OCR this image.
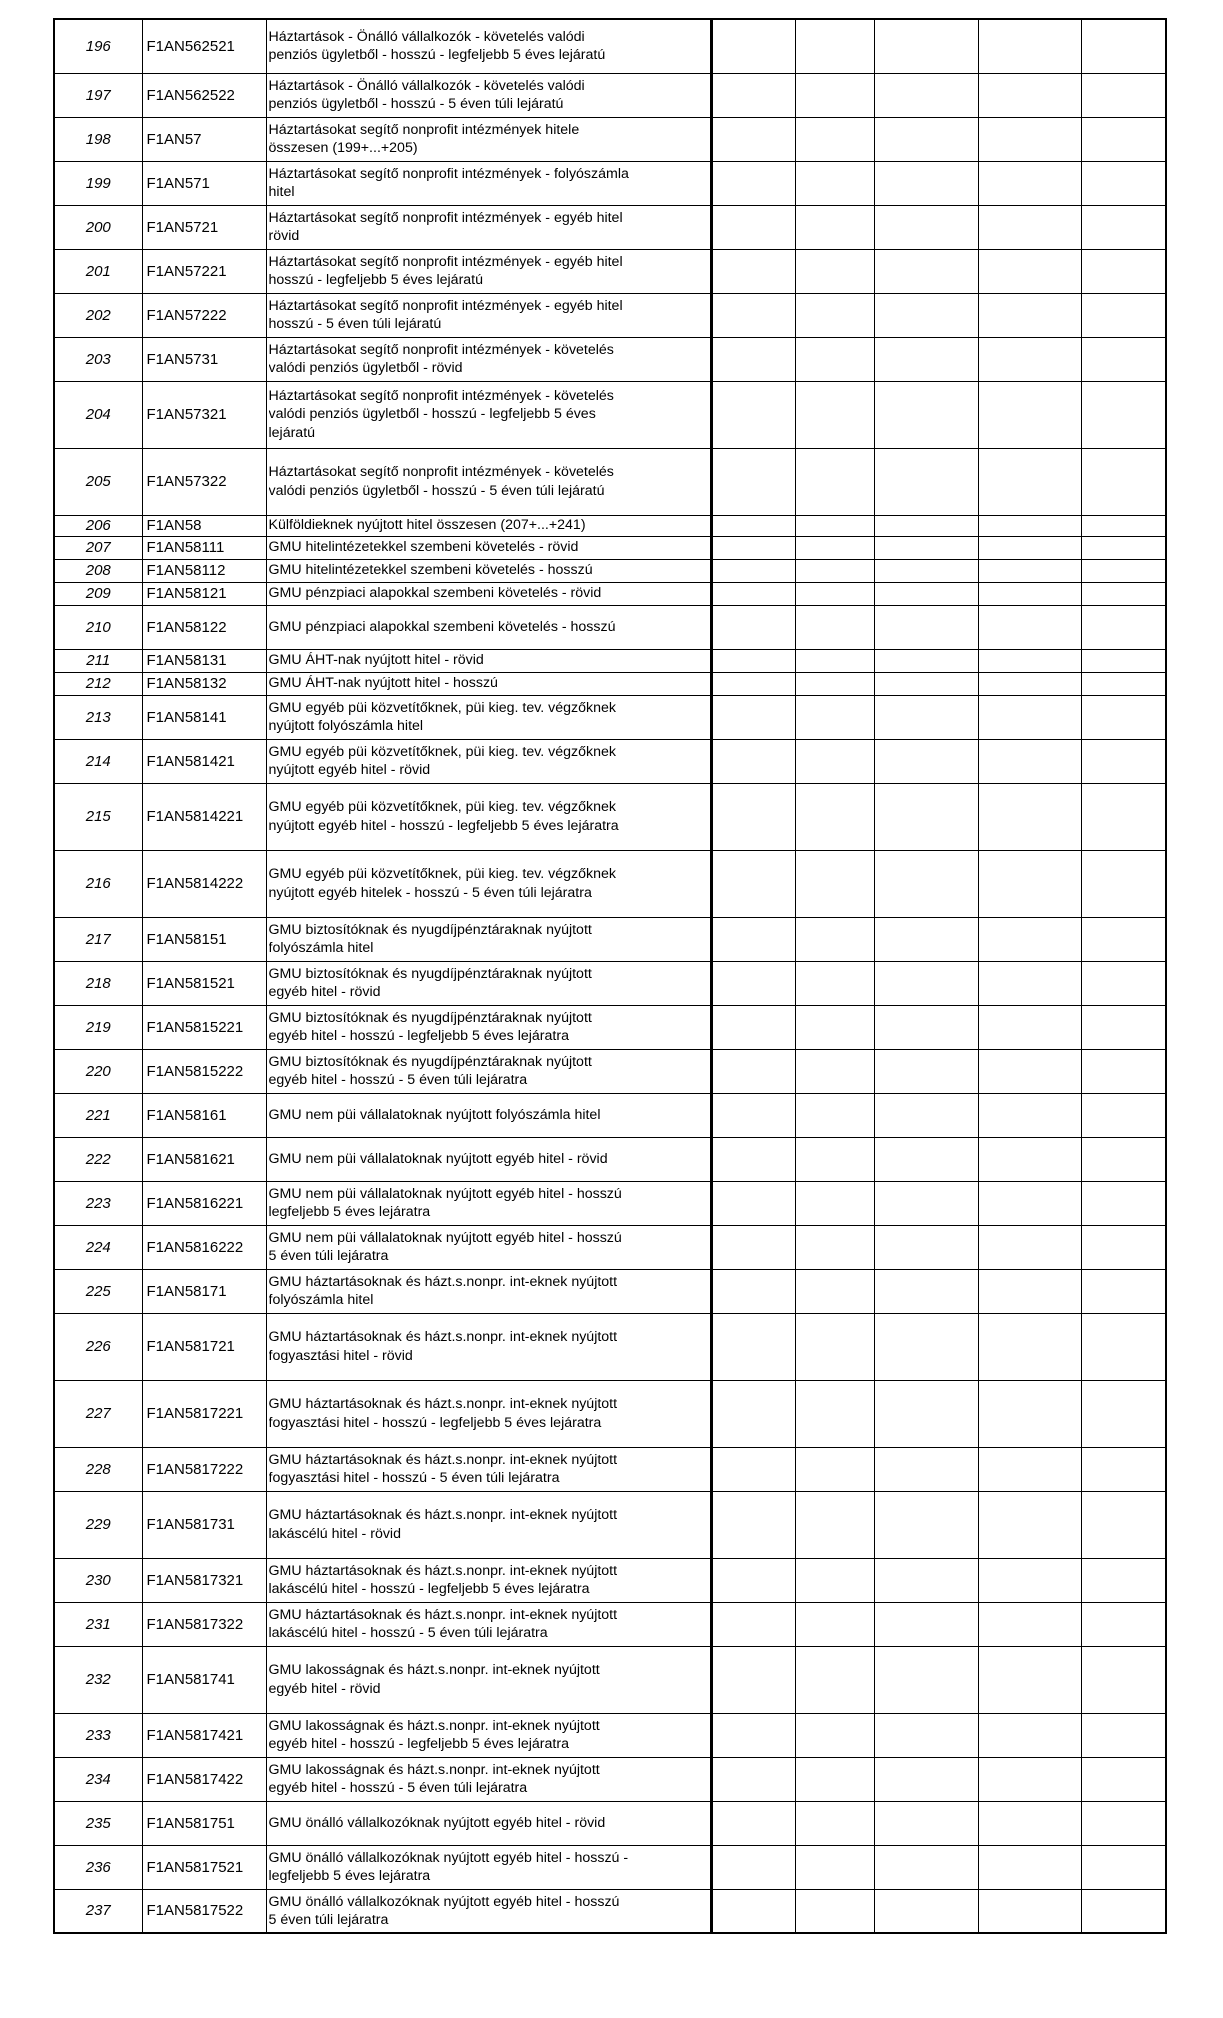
196	F1AN562521	Háztartások - Önálló vállalkozók - követelés valódi
penziós ügyletből - hosszú - legfeljebb 5 éves lejáratú					

197	F1AN562522	Háztartások - Önálló vállalkozók - követelés valódi
penziós ügyletből - hosszú - 5 éven túli lejáratú					

198	F1AN57	Háztartásokat segítő nonprofit intézmények hitele
összesen (199+...+205)					

199	F1AN571	Háztartásokat segítő nonprofit intézmények - folyószámla
hitel					

200	F1AN5721	Háztartásokat segítő nonprofit intézmények - egyéb hitel
rövid					

201	F1AN57221	Háztartásokat segítő nonprofit intézmények - egyéb hitel
hosszú - legfeljebb 5 éves lejáratú					

202	F1AN57222	Háztartásokat segítő nonprofit intézmények - egyéb hitel
hosszú - 5 éven túli lejáratú					

203	F1AN5731	Háztartásokat segítő nonprofit intézmények - követelés
valódi penziós ügyletből - rövid					

204	F1AN57321	Háztartásokat segítő nonprofit intézmények - követelés
valódi penziós ügyletből - hosszú - legfeljebb 5 éves
lejáratú					

205	F1AN57322	Háztartásokat segítő nonprofit intézmények - követelés
valódi penziós ügyletből - hosszú - 5 éven túli lejáratú					

206	F1AN58	Külföldieknek nyújtott hitel összesen (207+...+241)					

207	F1AN58111	GMU hitelintézetekkel szembeni követelés - rövid					

208	F1AN58112	GMU hitelintézetekkel szembeni követelés - hosszú					

209	F1AN58121	GMU pénzpiaci alapokkal szembeni követelés - rövid					

210	F1AN58122	GMU pénzpiaci alapokkal szembeni követelés - hosszú					

211	F1AN58131	GMU ÁHT-nak nyújtott hitel - rövid					

212	F1AN58132	GMU ÁHT-nak nyújtott hitel - hosszú					

213	F1AN58141	GMU egyéb püi közvetítőknek, püi kieg. tev. végzőknek
nyújtott folyószámla hitel					

214	F1AN581421	GMU egyéb püi közvetítőknek, püi kieg. tev. végzőknek
nyújtott egyéb hitel - rövid					

215	F1AN5814221	GMU egyéb püi közvetítőknek, püi kieg. tev. végzőknek
nyújtott egyéb hitel - hosszú - legfeljebb 5 éves lejáratra					

216	F1AN5814222	GMU egyéb püi közvetítőknek, püi kieg. tev. végzőknek
nyújtott egyéb hitelek - hosszú - 5 éven túli lejáratra					

217	F1AN58151	GMU biztosítóknak és nyugdíjpénztáraknak nyújtott
folyószámla hitel					

218	F1AN581521	GMU biztosítóknak és nyugdíjpénztáraknak nyújtott
egyéb hitel - rövid					

219	F1AN5815221	GMU biztosítóknak és nyugdíjpénztáraknak nyújtott
egyéb hitel - hosszú - legfeljebb 5 éves lejáratra					

220	F1AN5815222	GMU biztosítóknak és nyugdíjpénztáraknak nyújtott
egyéb hitel - hosszú - 5 éven túli lejáratra					

221	F1AN58161	GMU nem püi vállalatoknak nyújtott folyószámla hitel					

222	F1AN581621	GMU nem püi vállalatoknak nyújtott egyéb hitel - rövid					

223	F1AN5816221	GMU nem püi vállalatoknak nyújtott egyéb hitel - hosszú
legfeljebb 5 éves lejáratra					

224	F1AN5816222	GMU nem püi vállalatoknak nyújtott egyéb hitel - hosszú
5 éven túli lejáratra					

225	F1AN58171	GMU háztartásoknak és házt.s.nonpr. int-eknek nyújtott
folyószámla hitel					

226	F1AN581721	GMU háztartásoknak és házt.s.nonpr. int-eknek nyújtott
fogyasztási hitel - rövid					

227	F1AN5817221	GMU háztartásoknak és házt.s.nonpr. int-eknek nyújtott
fogyasztási hitel - hosszú - legfeljebb 5 éves lejáratra					

228	F1AN5817222	GMU háztartásoknak és házt.s.nonpr. int-eknek nyújtott
fogyasztási hitel - hosszú - 5 éven túli lejáratra					

229	F1AN581731	GMU háztartásoknak és házt.s.nonpr. int-eknek nyújtott
lakáscélú hitel - rövid					

230	F1AN5817321	GMU háztartásoknak és házt.s.nonpr. int-eknek nyújtott
lakáscélú hitel - hosszú - legfeljebb 5 éves lejáratra					

231	F1AN5817322	GMU háztartásoknak és házt.s.nonpr. int-eknek nyújtott
lakáscélú hitel - hosszú - 5 éven túli lejáratra					

232	F1AN581741	GMU lakosságnak és házt.s.nonpr. int-eknek nyújtott
egyéb hitel - rövid					

233	F1AN5817421	GMU lakosságnak és házt.s.nonpr. int-eknek nyújtott
egyéb hitel - hosszú - legfeljebb 5 éves lejáratra					

234	F1AN5817422	GMU lakosságnak és házt.s.nonpr. int-eknek nyújtott
egyéb hitel - hosszú - 5 éven túli lejáratra					

235	F1AN581751	GMU önálló vállalkozóknak nyújtott egyéb hitel - rövid					

236	F1AN5817521	GMU önálló vállalkozóknak nyújtott egyéb hitel - hosszú -
legfeljebb 5 éves lejáratra					

237	F1AN5817522	GMU önálló vállalkozóknak nyújtott egyéb hitel - hosszú
5 éven túli lejáratra					
